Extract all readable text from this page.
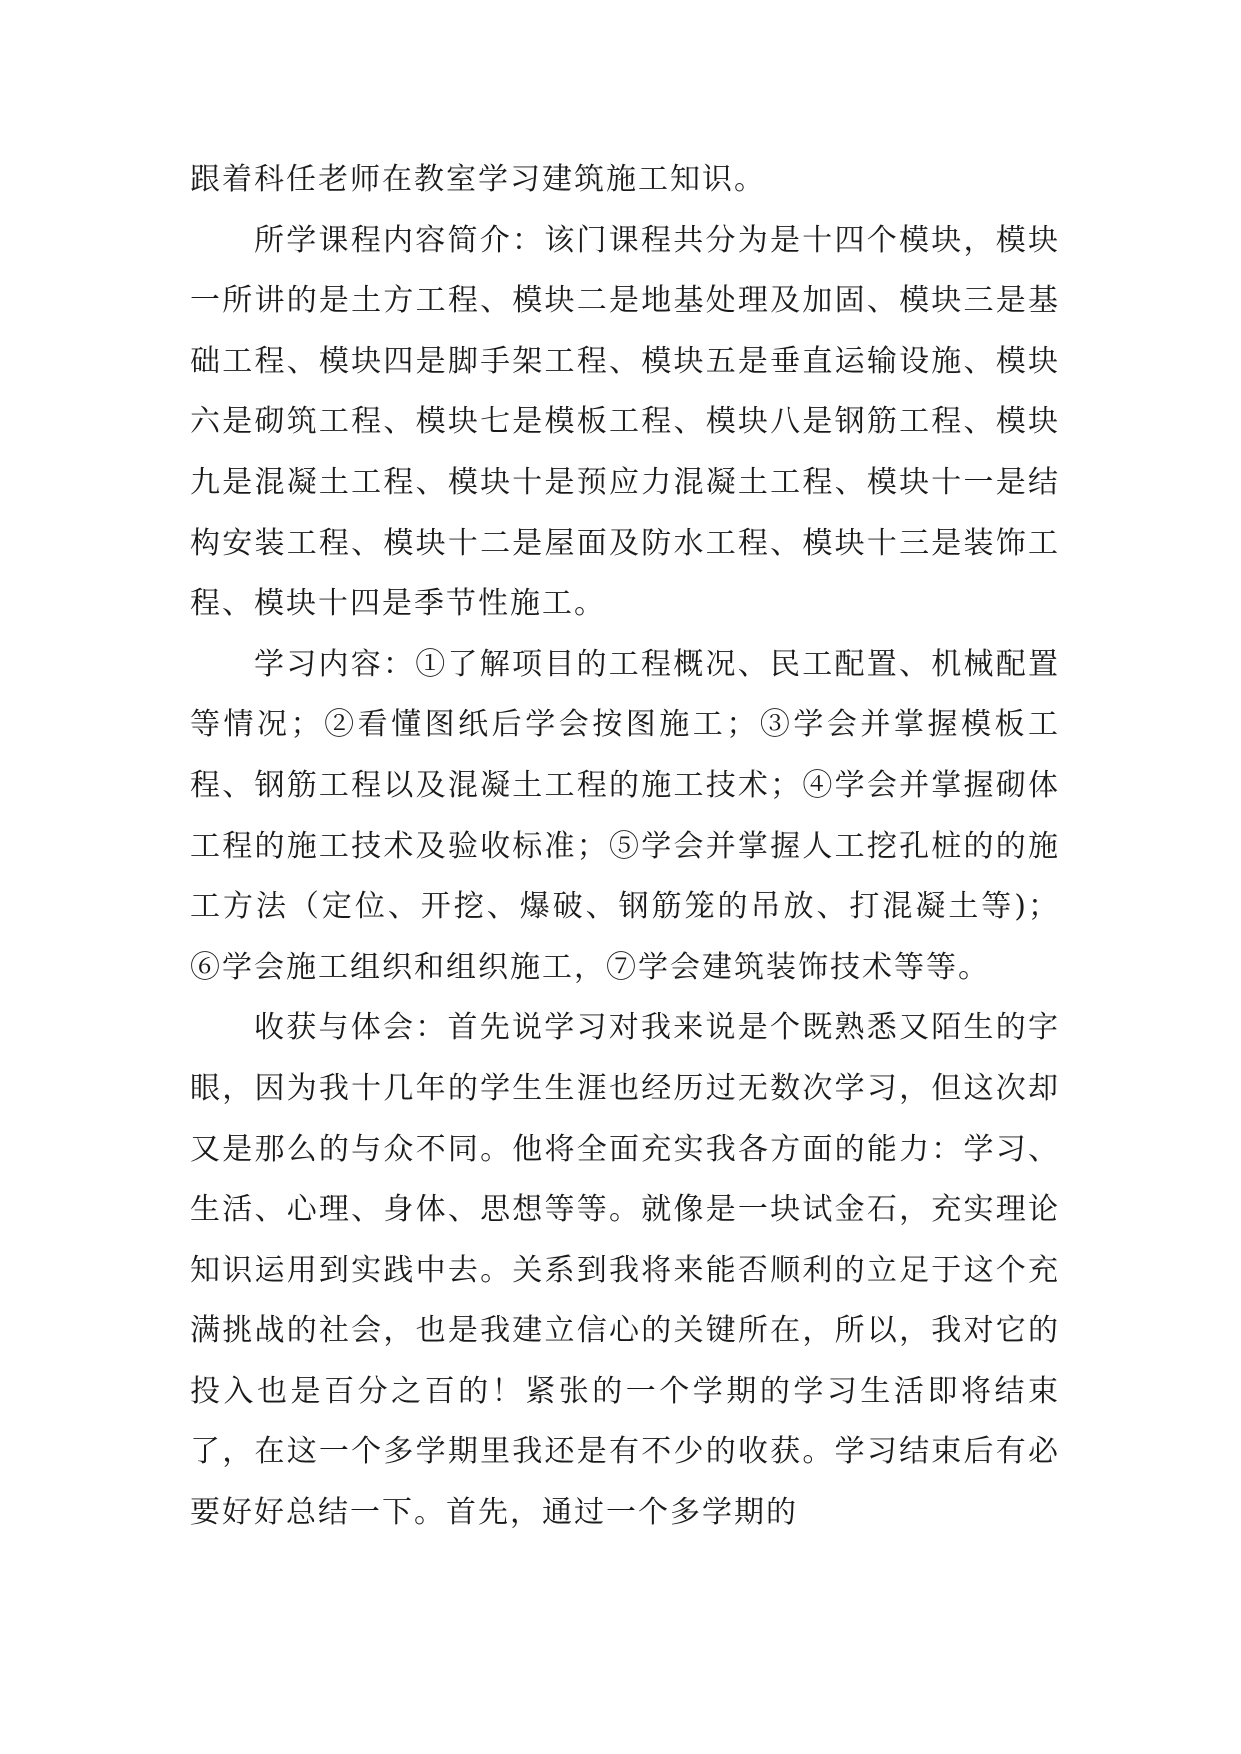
跟着科任老师在教室学习建筑施工知识。

所学课程内容简介：该门课程共分为是十四个模块，模块一所讲的是土方工程、模块二是地基处理及加固、模块三是基础工程、模块四是脚手架工程、模块五是垂直运输设施、模块六是砌筑工程、模块七是模板工程、模块八是钢筋工程、模块九是混凝土工程、模块十是预应力混凝土工程、模块十一是结构安装工程、模块十二是屋面及防水工程、模块十三是装饰工程、模块十四是季节性施工。

学习内容：①了解项目的工程概况、民工配置、机械配置等情况；②看懂图纸后学会按图施工；③学会并掌握模板工程、钢筋工程以及混凝土工程的施工技术；④学会并掌握砌体工程的施工技术及验收标准；⑤学会并掌握人工挖孔桩的的施工方法（定位、开挖、爆破、钢筋笼的吊放、打混凝土等)；⑥学会施工组织和组织施工，⑦学会建筑装饰技术等等。

收获与体会：首先说学习对我来说是个既熟悉又陌生的字眼，因为我十几年的学生生涯也经历过无数次学习，但这次却又是那么的与众不同。他将全面充实我各方面的能力：学习、生活、心理、身体、思想等等。就像是一块试金石，充实理论知识运用到实践中去。关系到我将来能否顺利的立足于这个充满挑战的社会，也是我建立信心的关键所在，所以，我对它的投入也是百分之百的！紧张的一个学期的学习生活即将结束了，在这一个多学期里我还是有不少的收获。学习结束后有必要好好总结一下。首先，通过一个多学期的
